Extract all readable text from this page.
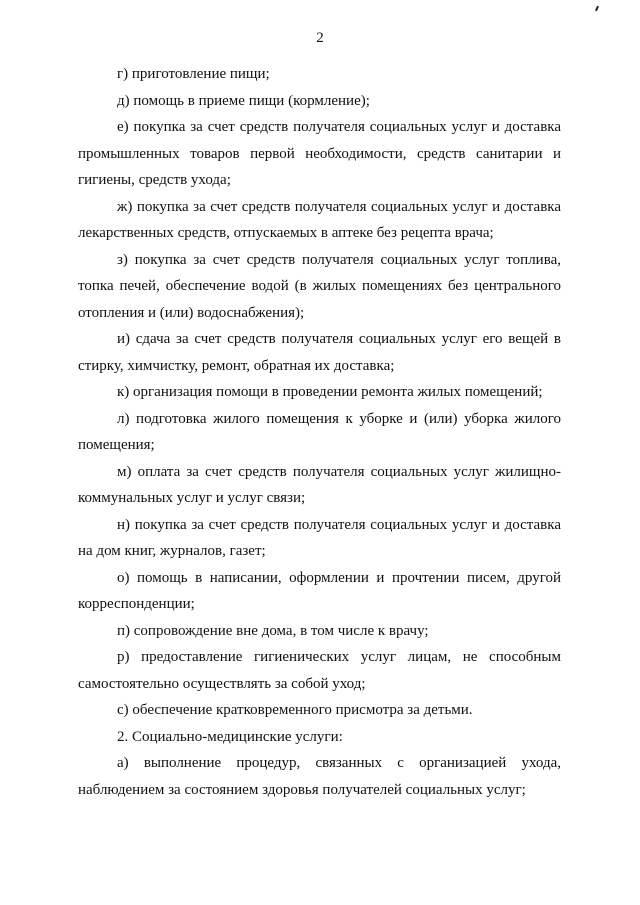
2

г) приготовление пищи;

д) помощь в приеме пищи (кормление);

е) покупка за счет средств получателя социальных услуг и доставка промышленных товаров первой необходимости, средств санитарии и гигиены, средств ухода;

ж) покупка за счет средств получателя социальных услуг и доставка лекарственных средств, отпускаемых в аптеке без рецепта врача;

з) покупка за счет средств получателя социальных услуг топлива, топка печей, обеспечение водой (в жилых помещениях без центрального отопления и (или) водоснабжения);

и) сдача за счет средств получателя социальных услуг его вещей в стирку, химчистку, ремонт, обратная их доставка;

к) организация помощи в проведении ремонта жилых помещений;

л) подготовка жилого помещения к уборке и (или) уборка жилого помещения;

м) оплата за счет средств получателя социальных услуг жилищно-коммунальных услуг и услуг связи;

н) покупка за счет средств получателя социальных услуг и доставка на дом книг, журналов, газет;

о) помощь в написании, оформлении и прочтении писем, другой корреспонденции;

п) сопровождение вне дома, в том числе к врачу;

р) предоставление гигиенических услуг лицам, не способным самостоятельно осуществлять за собой уход;

с) обеспечение кратковременного присмотра за детьми.

2. Социально-медицинские услуги:

а) выполнение процедур, связанных с организацией ухода, наблюдением за состоянием здоровья получателей социальных услуг;
